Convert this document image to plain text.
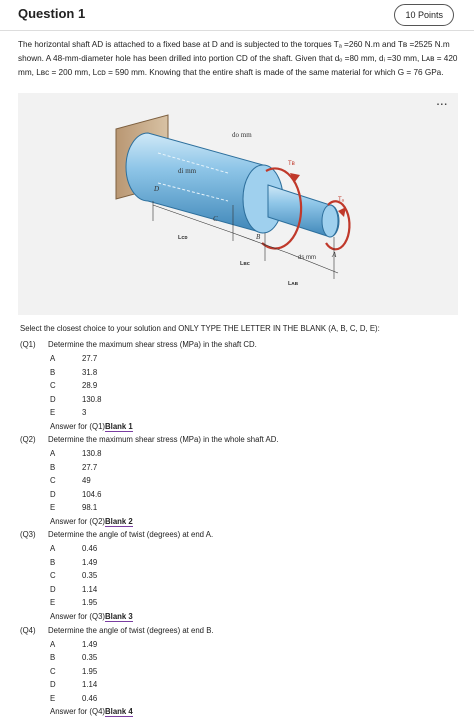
Question 1	10 Points
The horizontal shaft AD is attached to a fixed base at D and is subjected to the torques Tₐ =260 N.m and Tʙ =2525 N.m shown. A 48-mm-diameter hole has been drilled into portion CD of the shaft. Given that dₒ =80 mm, dᵢ =30 mm, Lᴀʙ = 420 mm, Lʙᴄ = 200 mm, Lᴄᴅ = 590 mm. Knowing that the entire shaft is made of the same material for which G = 76 GPa.
...
do mm
di mm
Tʙ
Tₐ
D
C
B
A
ds mm
Lᴄᴅ
Lʙᴄ
Lᴀʙ
Select the closest choice to your solution and ONLY TYPE THE LETTER IN THE BLANK (A, B, C, D, E):
(Q1) Determine the maximum shear stress (MPa) in the shaft CD.
A	27.7
B	31.8
C	28.9
D	130.8
E	3
Answer for (Q1)Blank 1
(Q2) Determine the maximum shear stress (MPa) in the whole shaft AD.
A	130.8
B	27.7
C	49
D	104.6
E	98.1
Answer for (Q2)Blank 2
(Q3) Determine the angle of twist (degrees) at end A.
A	0.46
B	1.49
C	0.35
D	1.14
E	1.95
Answer for (Q3)Blank 3
(Q4) Determine the angle of twist (degrees) at end B.
A	1.49
B	0.35
C	1.95
D	1.14
E	0.46
Answer for (Q4)Blank 4
